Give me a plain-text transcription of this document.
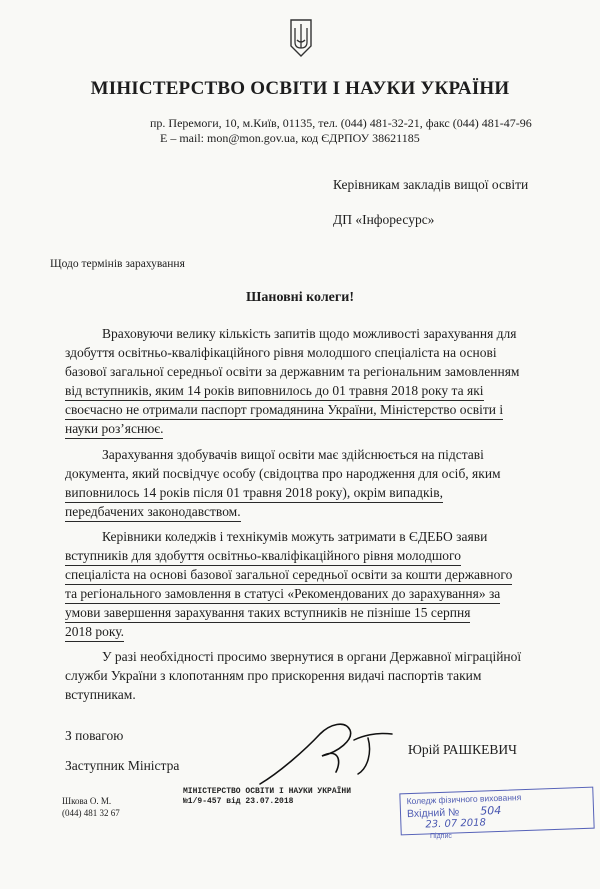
МІНІСТЕРСТВО ОСВІТИ І НАУКИ УКРАЇНИ
пр. Перемоги, 10, м.Київ, 01135, тел. (044) 481-32-21, факс (044) 481-47-96
E – mail: mon@mon.gov.ua, код ЄДРПОУ 38621185
Керівникам закладів вищої освіти
ДП «Інфоресурс»
Щодо термінів зарахування
Шановні колеги!
Враховуючи велику кількість запитів щодо можливості зарахування для
здобуття освітньо-кваліфікаційного рівня молодшого спеціаліста на основі
базової загальної середньої освіти за державним та регіональним замовленням
від вступників, яким 14 років виповнилось до 01 травня 2018 року та які
своєчасно не отримали паспорт громадянина України, Міністерство освіти і
науки роз’яснює.
Зарахування здобувачів вищої освіти має здійснюється на підставі
документа, який посвідчує особу (свідоцтва про народження для осіб, яким
виповнилось 14 років після 01 травня 2018 року), окрім випадків,
передбачених законодавством.
Керівники коледжів і технікумів можуть затримати в ЄДЕБО заяви
вступників для здобуття освітньо-кваліфікаційного рівня молодшого
спеціаліста на основі базової загальної середньої освіти за кошти державного
та регіонального замовлення в статусі «Рекомендованих до зарахування» за
умови завершення зарахування таких вступників не пізніше 15 серпня
2018 року.
У разі необхідності просимо звернутися в органи Державної міграційної
служби України з клопотанням про прискорення видачі паспортів таким
вступникам.
З повагою
Заступник Міністра
Юрій РАШКЕВИЧ
Шкова О. М.
(044) 481 32 67
МІНІСТЕРСТВО ОСВІТИ І НАУКИ УКРАЇНИ
№1/9-457 від 23.07.2018	Коледж фізичного виховання
Вхідний № 504
23. 07 2018
Підпис
